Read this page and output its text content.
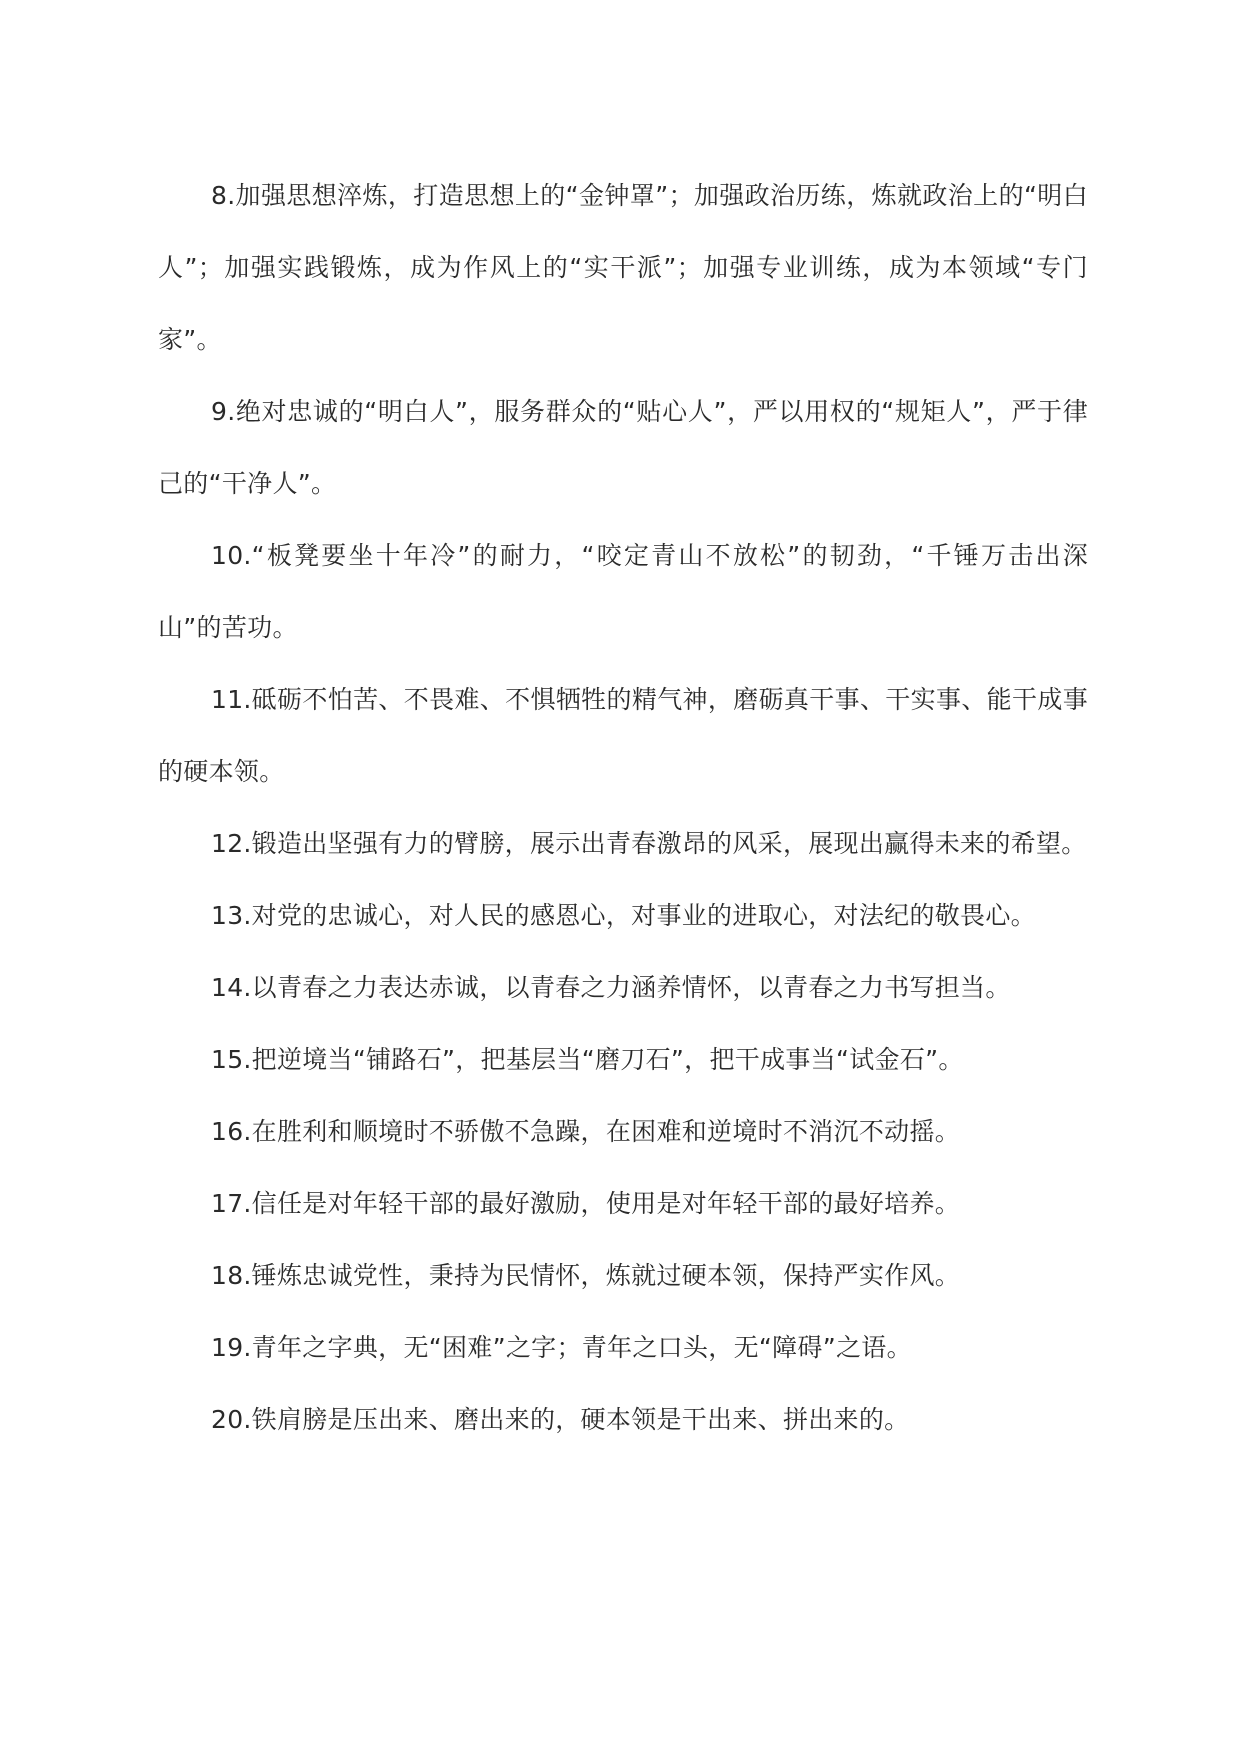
8.加强思想淬炼，打造思想上的“金钟罩”；加强政治历练，炼就政治上的“明白人”；加强实践锻炼，成为作风上的“实干派”；加强专业训练，成为本领域“专门家”。

9.绝对忠诚的“明白人”，服务群众的“贴心人”，严以用权的“规矩人”，严于律己的“干净人”。

10.“板凳要坐十年冷”的耐力，“咬定青山不放松”的韧劲，“千锤万击出深山”的苦功。

11.砥砺不怕苦、不畏难、不惧牺牲的精气神，磨砺真干事、干实事、能干成事的硬本领。

12.锻造出坚强有力的臂膀，展示出青春激昂的风采，展现出赢得未来的希望。

13.对党的忠诚心，对人民的感恩心，对事业的进取心，对法纪的敬畏心。

14.以青春之力表达赤诚，以青春之力涵养情怀，以青春之力书写担当。

15.把逆境当“铺路石”，把基层当“磨刀石”，把干成事当“试金石”。

16.在胜利和顺境时不骄傲不急躁，在困难和逆境时不消沉不动摇。

17.信任是对年轻干部的最好激励，使用是对年轻干部的最好培养。

18.锤炼忠诚党性，秉持为民情怀，炼就过硬本领，保持严实作风。

19.青年之字典，无“困难”之字；青年之口头，无“障碍”之语。

20.铁肩膀是压出来、磨出来的，硬本领是干出来、拼出来的。
